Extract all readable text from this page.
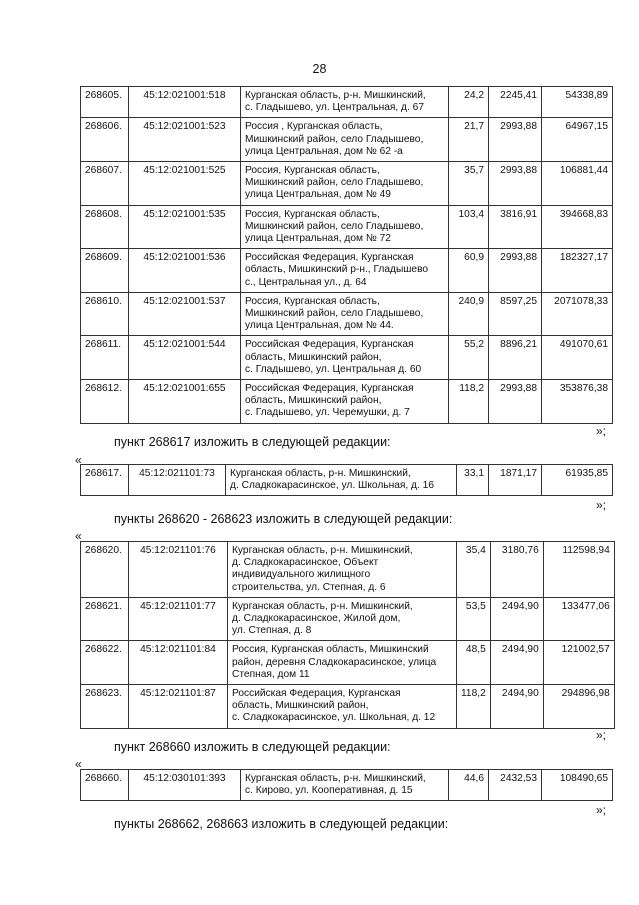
28
268605.	45:12:021001:518	Курганская область, р-н. Мишкинский,
с. Гладышево, ул. Центральная, д. 67	24,2	2245,41	54338,89
268606.	45:12:021001:523	Россия , Курганская область,
Мишкинский район, село Гладышево,
улица Центральная, дом № 62 -а	21,7	2993,88	64967,15
268607.	45:12:021001:525	Россия, Курганская область,
Мишкинский район, село Гладышево,
улица Центральная, дом № 49	35,7	2993,88	106881,44
268608.	45:12:021001:535	Россия, Курганская область,
Мишкинский район, село Гладышево,
улица Центральная, дом № 72	103,4	3816,91	394668,83
268609.	45:12:021001:536	Российская Федерация, Курганская
область, Мишкинский р-н., Гладышево
с., Центральная ул., д. 64	60,9	2993,88	182327,17
268610.	45:12:021001:537	Россия, Курганская область,
Мишкинский район, село Гладышево,
улица Центральная, дом № 44.	240,9	8597,25	2071078,33
268611.	45:12:021001:544	Российская Федерация, Курганская
область, Мишкинский район,
с. Гладышево, ул. Центральная д. 60	55,2	8896,21	491070,61
268612.	45:12:021001:655	Российская Федерация, Курганская
область, Мишкинский район,
с. Гладышево, ул. Черемушки, д. 7	118,2	2993,88	353876,38
»;
пункт 268617 изложить в следующей редакции:
«
268617.	45:12:021101:73	Курганская область, р-н. Мишкинский,
д. Сладкокарасинское, ул. Школьная, д. 16	33,1	1871,17	61935,85
»;
пункты 268620 - 268623 изложить в следующей редакции:
«
268620.	45:12:021101:76	Курганская область, р-н. Мишкинский,
д. Сладкокарасинское, Объект
индивидуального жилищного
строительства, ул. Степная, д. 6	35,4	3180,76	112598,94
268621.	45:12:021101:77	Курганская область, р-н. Мишкинский,
д. Сладкокарасинское, Жилой дом,
ул. Степная, д. 8	53,5	2494,90	133477,06
268622.	45:12:021101:84	Россия, Курганская область, Мишкинский
район, деревня Сладкокарасинское, улица
Степная, дом 11	48,5	2494,90	121002,57
268623.	45:12:021101:87	Российская Федерация, Курганская
область, Мишкинский район,
с. Сладкокарасинское, ул. Школьная, д. 12	118,2	2494,90	294896,98
»;
пункт 268660 изложить в следующей редакции:
«
268660.	45:12:030101:393	Курганская область, р-н. Мишкинский,
с. Кирово, ул. Кооперативная, д. 15	44,6	2432,53	108490,65
»;
пункты 268662, 268663 изложить в следующей редакции:
